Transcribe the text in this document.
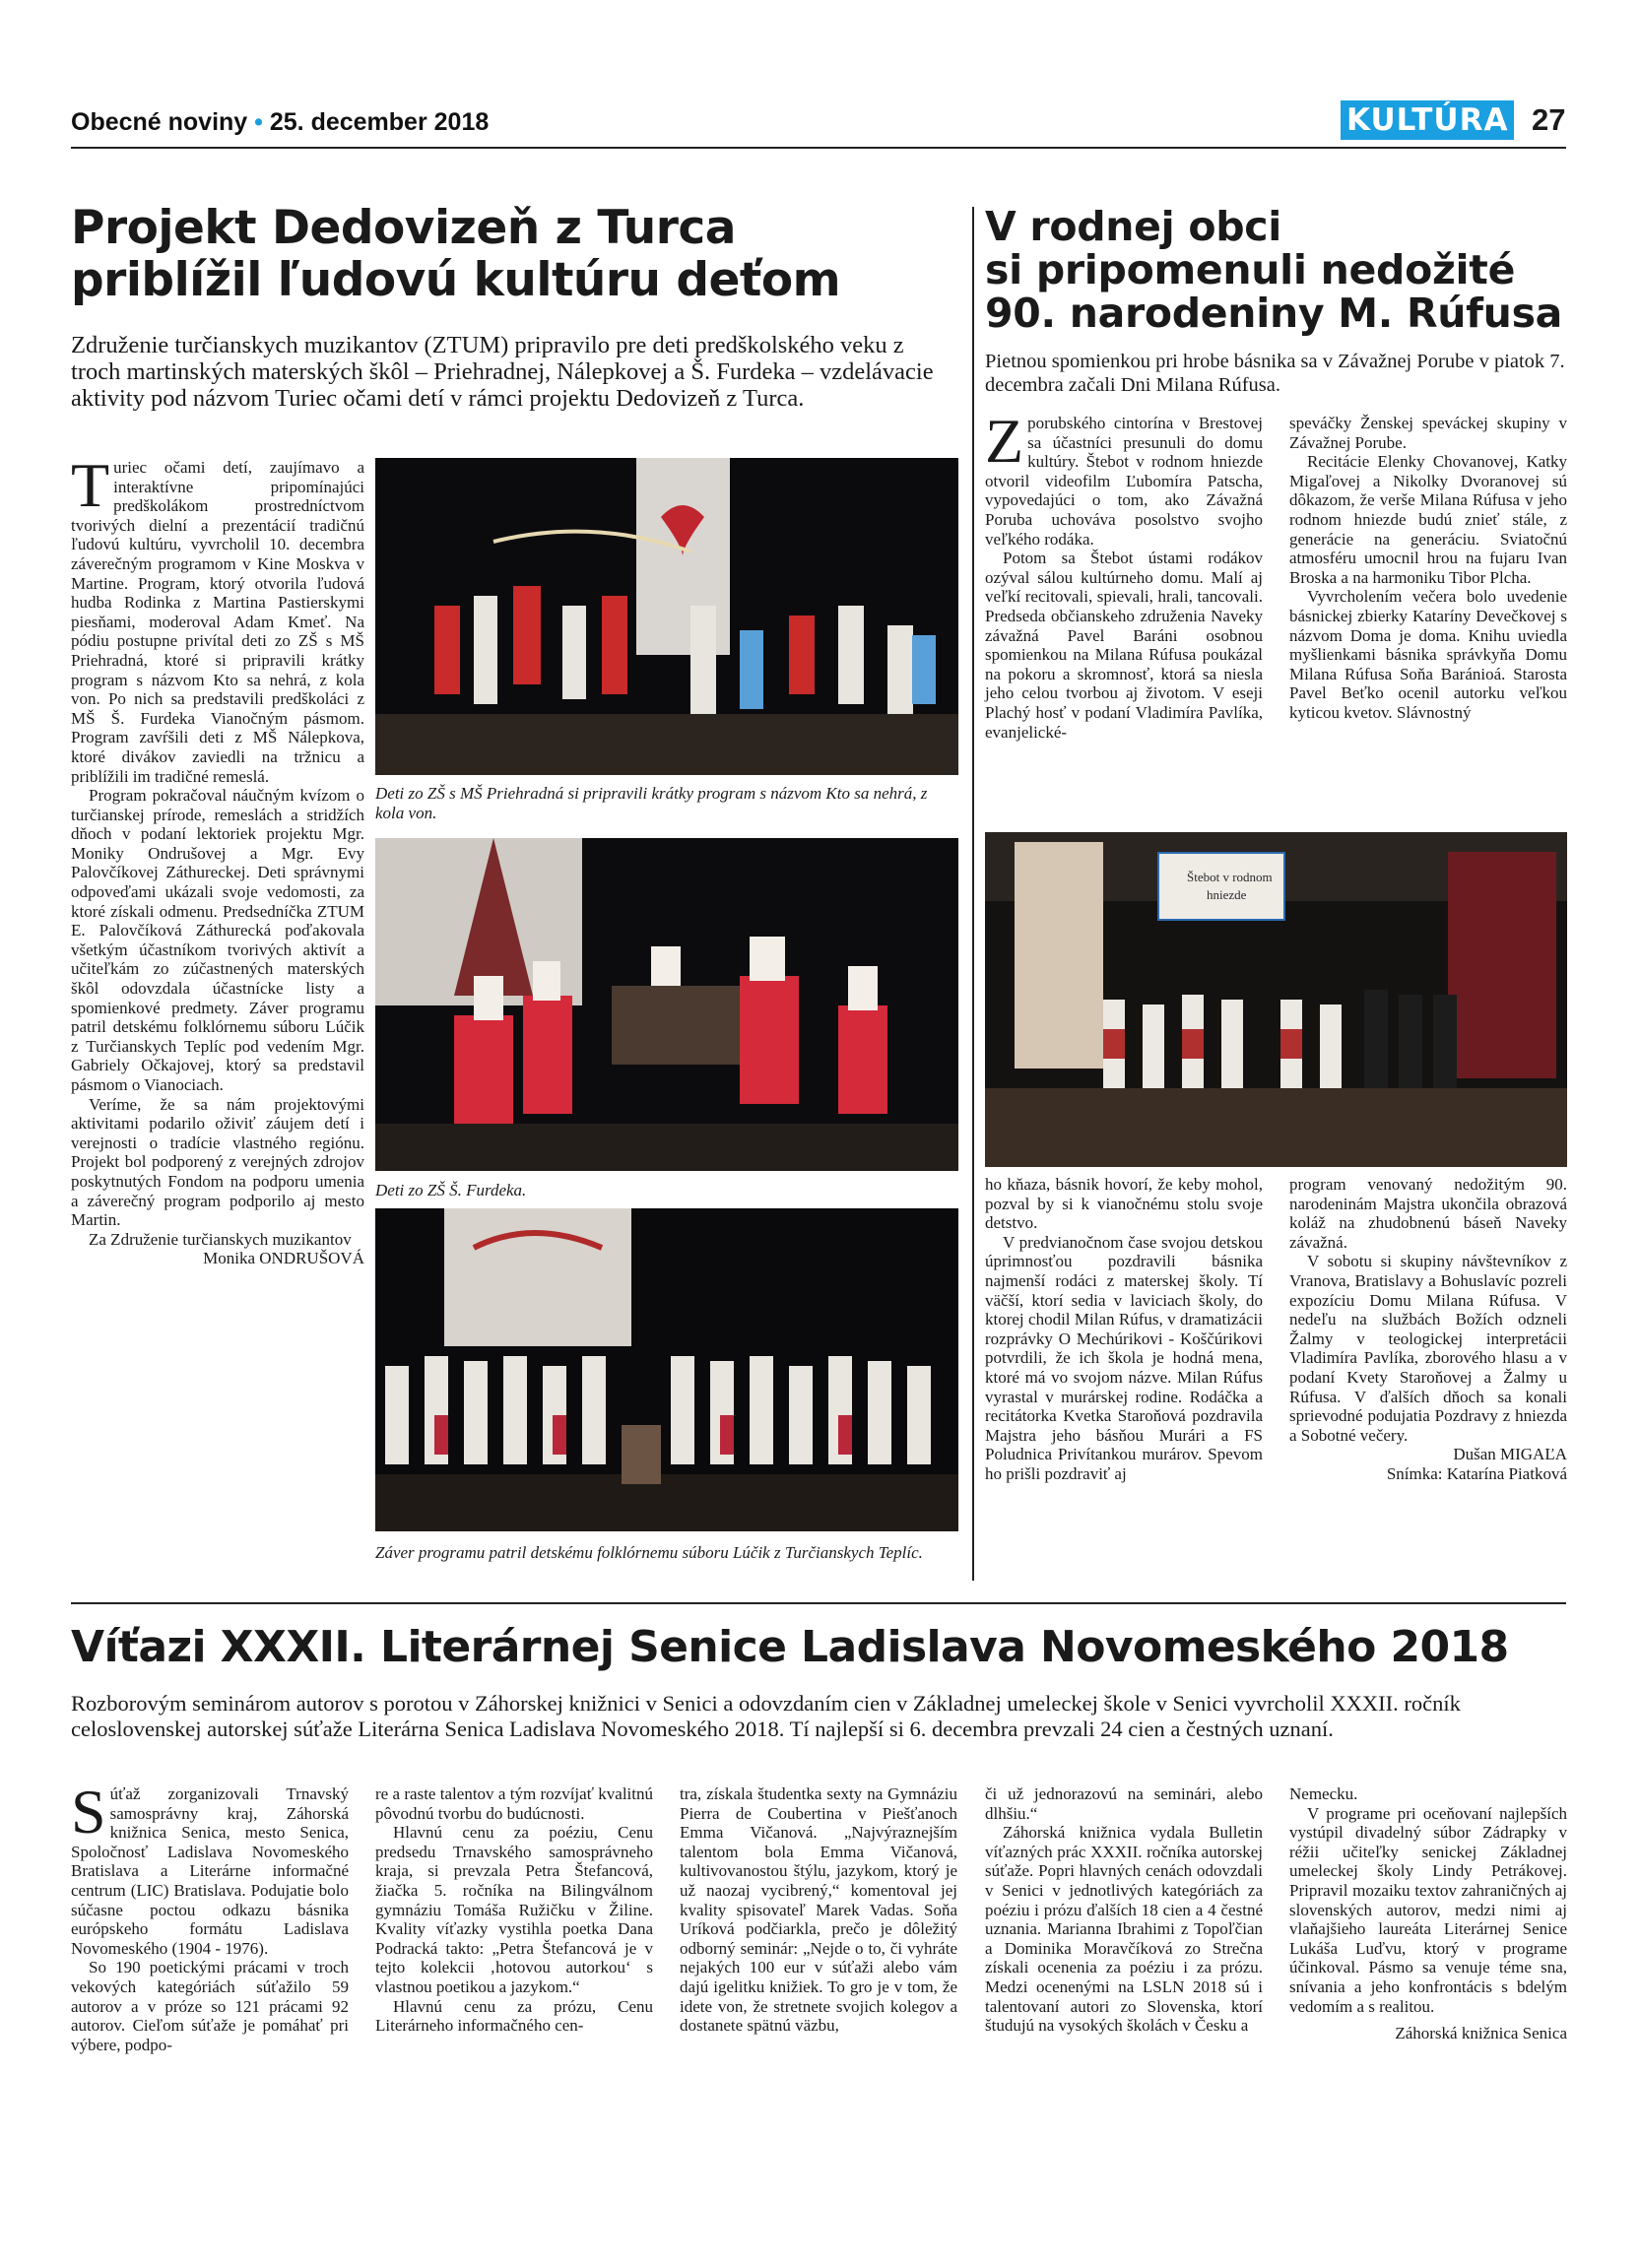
Obecné noviny • 25. december 2018	KULTÚRA 27
Projekt Dedovizeň z Turca
priblížil ľudovú kultúru deťom
Združenie turčianskych muzikantov (ZTUM) pripravilo pre deti predškolského veku z troch martinských materských škôl – Priehradnej, Nálepkovej a Š. Furdeka – vzdelávacie aktivity pod názvom Turiec očami detí v rámci projektu Dedovizeň z Turca.

Turiec očami detí, zaujímavo a interaktívne pripomínajúci predškolákom prostredníctvom tvorivých dielní a prezentácií tradičnú ľudovú kultúru, vyvrcholil 10. decembra záverečným programom v Kine Moskva v Martine. Program, ktorý otvorila ľudová hudba Rodinka z Martina Pastierskymi piesňami, moderoval Adam Kmeť. Na pódiu postupne privítal deti zo ZŠ s MŠ Priehradná, ktoré si pripravili krátky program s názvom Kto sa nehrá, z kola von. Po nich sa predstavili predškoláci z MŠ Š. Furdeka Vianočným pásmom. Program zavŕšili deti z MŠ Nálepkova, ktoré divákov zaviedli na tržnicu a priblížili im tradičné remeslá.

Program pokračoval náučným kvízom o turčianskej prírode, remeslách a stridžích dňoch v podaní lektoriek projektu Mgr. Moniky Ondrušovej a Mgr. Evy Palovčíkovej Záthureckej. Deti správnymi odpoveďami ukázali svoje vedomosti, za ktoré získali odmenu. Predsedníčka ZTUM E. Palovčíková Záthurecká poďakovala všetkým účastníkom tvorivých aktivít a učiteľkám zo zúčastnených materských škôl odovzdala účastnícke listy a spomienkové predmety. Záver programu patril detskému folklórnemu súboru Lúčik z Turčianskych Teplíc pod vedením Mgr. Gabriely Očkajovej, ktorý sa predstavil pásmom o Vianociach.

Veríme, že sa nám projektovými aktivitami podarilo oživiť záujem detí i verejnosti o tradície vlastného regiónu. Projekt bol podporený z verejných zdrojov poskytnutých Fondom na podporu umenia a záverečný program podporilo aj mesto Martin.

Za Združenie turčianskych muzikantov

Monika ONDRUŠOVÁ
Deti zo ZŠ s MŠ Priehradná si pripravili krátky program s názvom Kto sa nehrá, z kola von.
Deti zo ZŠ Š. Furdeka.
Záver programu patril detskému folklórnemu súboru Lúčik z Turčianskych Teplíc.
V rodnej obci
si pripomenuli nedožité
90. narodeniny M. Rúfusa
Pietnou spomienkou pri hrobe básnika sa v Závažnej Porube v piatok 7. decembra začali Dni Milana Rúfusa.

Zporubského cintorína v Brestovej sa účastníci presunuli do domu kultúry. Štebot v rodnom hniezde otvoril videofilm Ľubomíra Patscha, vypovedajúci o tom, ako Závažná Poruba uchováva posolstvo svojho veľkého rodáka.

Potom sa Štebot ústami rodákov ozýval sálou kultúrneho domu. Malí aj veľkí recitovali, spievali, hrali, tancovali. Predseda občianskeho združenia Naveky závažná Pavel Baráni osobnou spomienkou na Milana Rúfusa poukázal na pokoru a skromnosť, ktorá sa niesla jeho celou tvorbou aj životom. V eseji Plachý hosť v podaní Vladimíra Pavlíka, evanjelické-

speváčky Ženskej speváckej skupiny v Závažnej Porube.

Recitácie Elenky Chovanovej, Katky Migaľovej a Nikolky Dvoranovej sú dôkazom, že verše Milana Rúfusa v jeho rodnom hniezde budú znieť stále, z generácie na generáciu. Sviatočnú atmosféru umocnil hrou na fujaru Ivan Broska a na harmoniku Tibor Plcha.

Vyvrcholením večera bolo uvedenie básnickej zbierky Kataríny Devečkovej s názvom Doma je doma. Knihu uviedla myšlienkami básnika správkyňa Domu Milana Rúfusa Soňa Baránioá. Starosta Pavel Beťko ocenil autorku veľkou kyticou kvetov. Slávnostný

Štebot v rodnom
hniezde

ho kňaza, básnik hovorí, že keby mohol, pozval by si k vianočnému stolu svoje detstvo.

V predvianočnom čase svojou detskou úprimnosťou pozdravili básnika najmenší rodáci z materskej školy. Tí väčší, ktorí sedia v laviciach školy, do ktorej chodil Milan Rúfus, v dramatizácii rozprávky O Mechúrikovi - Koščúrikovi potvrdili, že ich škola je hodná mena, ktoré má vo svojom názve. Milan Rúfus vyrastal v murárskej rodine. Rodáčka a recitátorka Kvetka Staroňová pozdravila Majstra jeho básňou Murári a FS Poludnica Privítankou murárov. Spevom ho prišli pozdraviť aj

program venovaný nedožitým 90. narodeninám Majstra ukončila obrazová koláž na zhudobnenú báseň Naveky závažná.

V sobotu si skupiny návštevníkov z Vranova, Bratislavy a Bohuslavíc pozreli expozíciu Domu Milana Rúfusa. V nedeľu na službách Božích odzneli Žalmy v teologickej interpretácii Vladimíra Pavlíka, zborového hlasu a v podaní Kvety Staroňovej a Žalmy u Rúfusa. V ďalších dňoch sa konali sprievodné podujatia Pozdravy z hniezda a Sobotné večery.

Dušan MIGAĽA
Snímka: Katarína Piatková
Víťazi XXXII. Literárnej Senice Ladislava Novomeského 2018
Rozborovým seminárom autorov s porotou v Záhorskej knižnici v Senici a odovzdaním cien v Základnej umeleckej škole v Senici vyvrcholil XXXII. ročník celoslovenskej autorskej súťaže Literárna Senica Ladislava Novomeského 2018. Tí najlepší si 6. decembra prevzali 24 cien a čestných uznaní.

Súťaž zorganizovali Trnavský samosprávny kraj, Záhorská knižnica Senica, mesto Senica, Spoločnosť Ladislava Novomeského Bratislava a Literárne informačné centrum (LIC) Bratislava. Podujatie bolo súčasne poctou odkazu básnika európskeho formátu Ladislava Novomeského (1904 - 1976).

So 190 poetickými prácami v troch vekových kategóriách súťažilo 59 autorov a v próze so 121 prácami 92 autorov. Cieľom súťaže je pomáhať pri výbere, podpo-

re a raste talentov a tým rozvíjať kvalitnú pôvodnú tvorbu do budúcnosti.

Hlavnú cenu za poéziu, Cenu predsedu Trnavského samosprávneho kraja, si prevzala Petra Štefancová, žiačka 5. ročníka na Bilingválnom gymnáziu Tomáša Ružičku v Žiline. Kvality víťazky vystihla poetka Dana Podracká takto: „Petra Štefancová je v tejto kolekcii ‚hotovou autorkou‘ s vlastnou poetikou a jazykom.“

Hlavnú cenu za prózu, Cenu Literárneho informačného cen-

tra, získala študentka sexty na Gymnáziu Pierra de Coubertina v Piešťanoch Emma Vičanová. „Najvýraznejším talentom bola Emma Vičanová, kultivovanostou štýlu, jazykom, ktorý je už naozaj vycibrený,“ komentoval jej kvality spisovateľ Marek Vadas. Soňa Uríková podčiarkla, prečo je dôležitý odborný seminár: „Nejde o to, či vyhráte nejakých 100 eur v súťaži alebo vám dajú igelitku knižiek. To gro je v tom, že idete von, že stretnete svojich kolegov a dostanete spätnú väzbu,

či už jednorazovú na seminári, alebo dlhšiu.“

Záhorská knižnica vydala Bulletin víťazných prác XXXII. ročníka autorskej súťaže. Popri hlavných cenách odovzdali v Senici v jednotlivých kategóriách za poéziu i prózu ďalších 18 cien a 4 čestné uznania. Marianna Ibrahimi z Topoľčian a Dominika Moravčíková zo Strečna získali ocenenia za poéziu i za prózu. Medzi ocenenými na LSLN 2018 sú i talentovaní autori zo Slovenska, ktorí študujú na vysokých školách v Česku a

Nemecku.

V programe pri oceňovaní najlepších vystúpil divadelný súbor Zádrapky v réžii učiteľky senickej Základnej umeleckej školy Lindy Petrákovej. Pripravil mozaiku textov zahraničných aj slovenských autorov, medzi nimi aj vlaňajšieho laureáta Literárnej Senice Lukáša Luďvu, ktorý v programe účinkoval. Pásmo sa venuje téme sna, snívania a jeho konfrontácis s bdelým vedomím a s realitou.

Záhorská knižnica Senica
